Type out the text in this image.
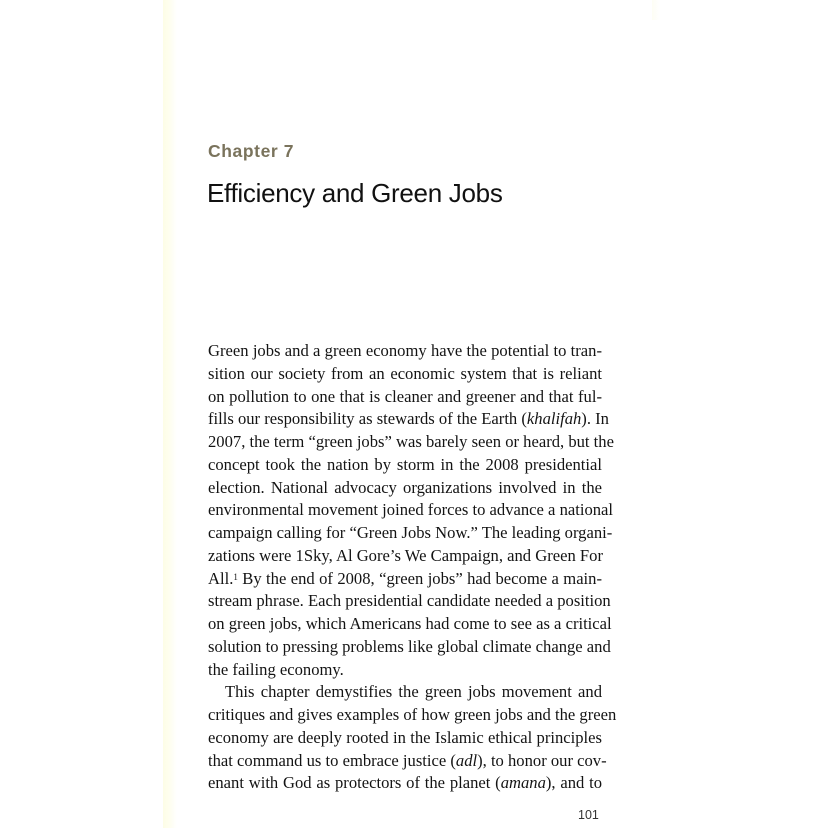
Chapter 7
Efficiency and Green Jobs
Green jobs and a green economy have the potential to tran-
sition our society from an economic system that is reliant
on pollution to one that is cleaner and greener and that ful-
fills our responsibility as stewards of the Earth (khalifah). In
2007, the term “green jobs” was barely seen or heard, but the
concept took the nation by storm in the 2008 presidential
election. National advocacy organizations involved in the
environmental movement joined forces to advance a national
campaign calling for “Green Jobs Now.” The leading organi-
zations were 1Sky, Al Gore’s We Campaign, and Green For
All.$^1$ By the end of 2008, “green jobs” had become a main-
stream phrase. Each presidential candidate needed a position
on green jobs, which Americans had come to see as a critical
solution to pressing problems like global climate change and
the failing economy.
This chapter demystifies the green jobs movement and
critiques and gives examples of how green jobs and the green
economy are deeply rooted in the Islamic ethical principles
that command us to embrace justice (adl), to honor our cov-
enant with God as protectors of the planet (amana), and to
101
